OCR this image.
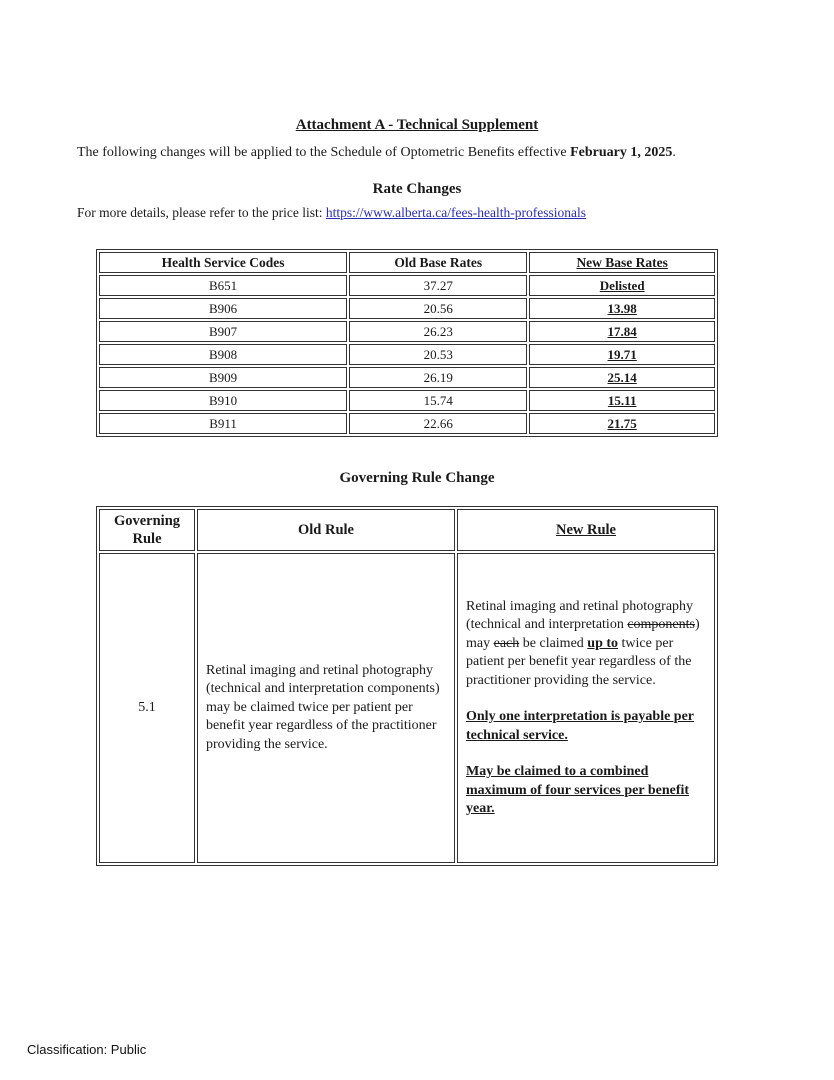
Attachment A - Technical Supplement
The following changes will be applied to the Schedule of Optometric Benefits effective February 1, 2025.
Rate Changes
For more details, please refer to the price list: https://www.alberta.ca/fees-health-professionals
Health Service Codes	Old Base Rates	New Base Rates
B651	37.27	Delisted
B906	20.56	13.98
B907	26.23	17.84
B908	20.53	19.71
B909	26.19	25.14
B910	15.74	15.11
B911	22.66	21.75
Governing Rule Change
Governing Rule	Old Rule	New Rule
5.1	Retinal imaging and retinal photography (technical and interpretation components) may be claimed twice per patient per benefit year regardless of the practitioner providing the service.	Retinal imaging and retinal photography (technical and interpretation components) may each be claimed up to twice per patient per benefit year regardless of the practitioner providing the service.

Only one interpretation is payable per technical service.

May be claimed to a combined maximum of four services per benefit year.

Classification: Public
